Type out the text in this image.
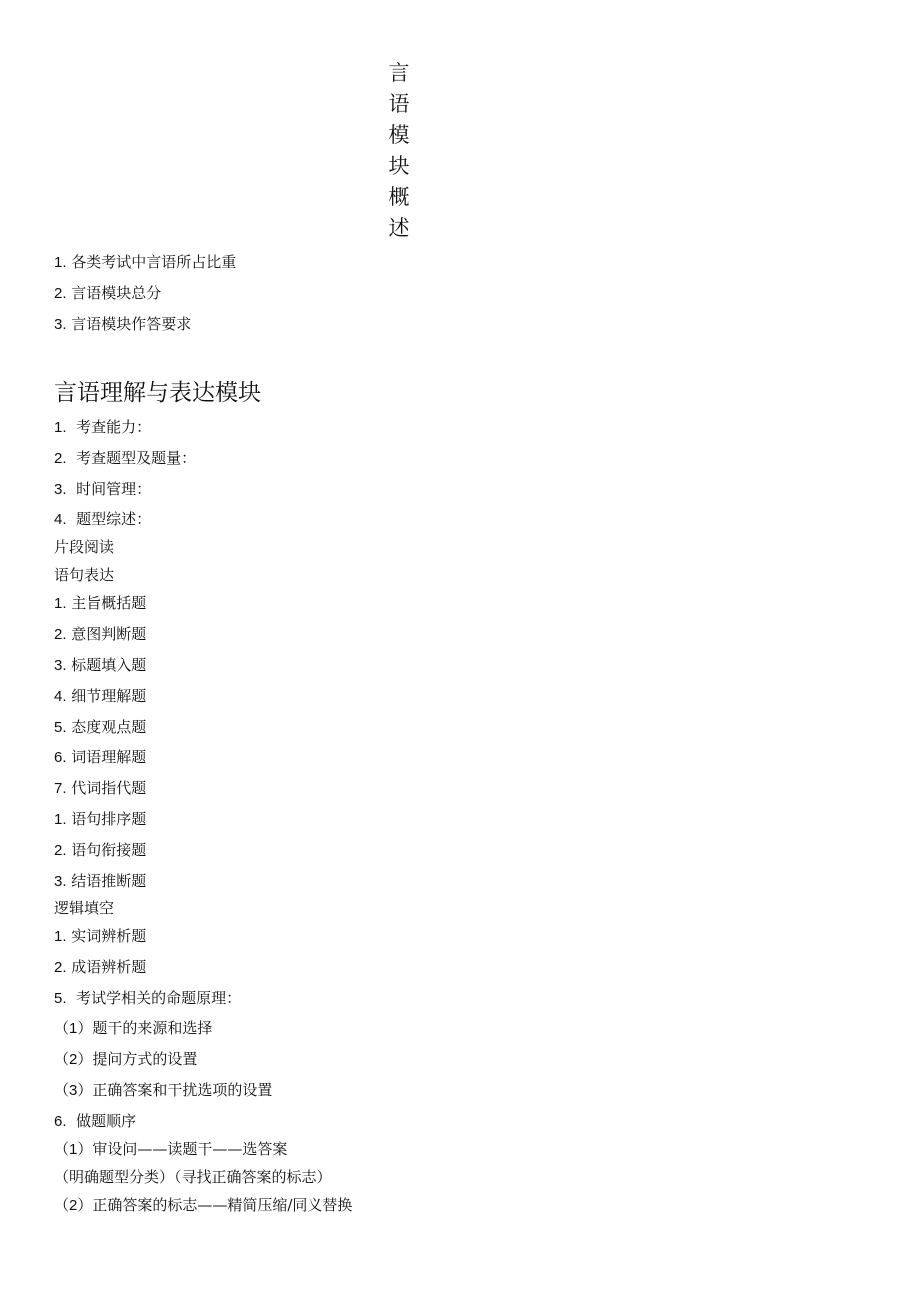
言语模块概述
1. 各类考试中言语所占比重
2. 言语模块总分
3. 言语模块作答要求
言语理解与表达模块
1. 考查能力：
2. 考查题型及题量：
3. 时间管理：
4. 题型综述：
片段阅读
语句表达
1. 主旨概括题
2. 意图判断题
3. 标题填入题
4. 细节理解题
5. 态度观点题
6. 词语理解题
7. 代词指代题
1. 语句排序题
2. 语句衔接题
3. 结语推断题
逻辑填空
1. 实词辨析题
2. 成语辨析题
5. 考试学相关的命题原理：
（1）题干的来源和选择
（2）提问方式的设置
（3）正确答案和干扰选项的设置
6. 做题顺序
（1）审设问——读题干——选答案
（明确题型分类）（寻找正确答案的标志）
（2）正确答案的标志——精简压缩/同义替换
